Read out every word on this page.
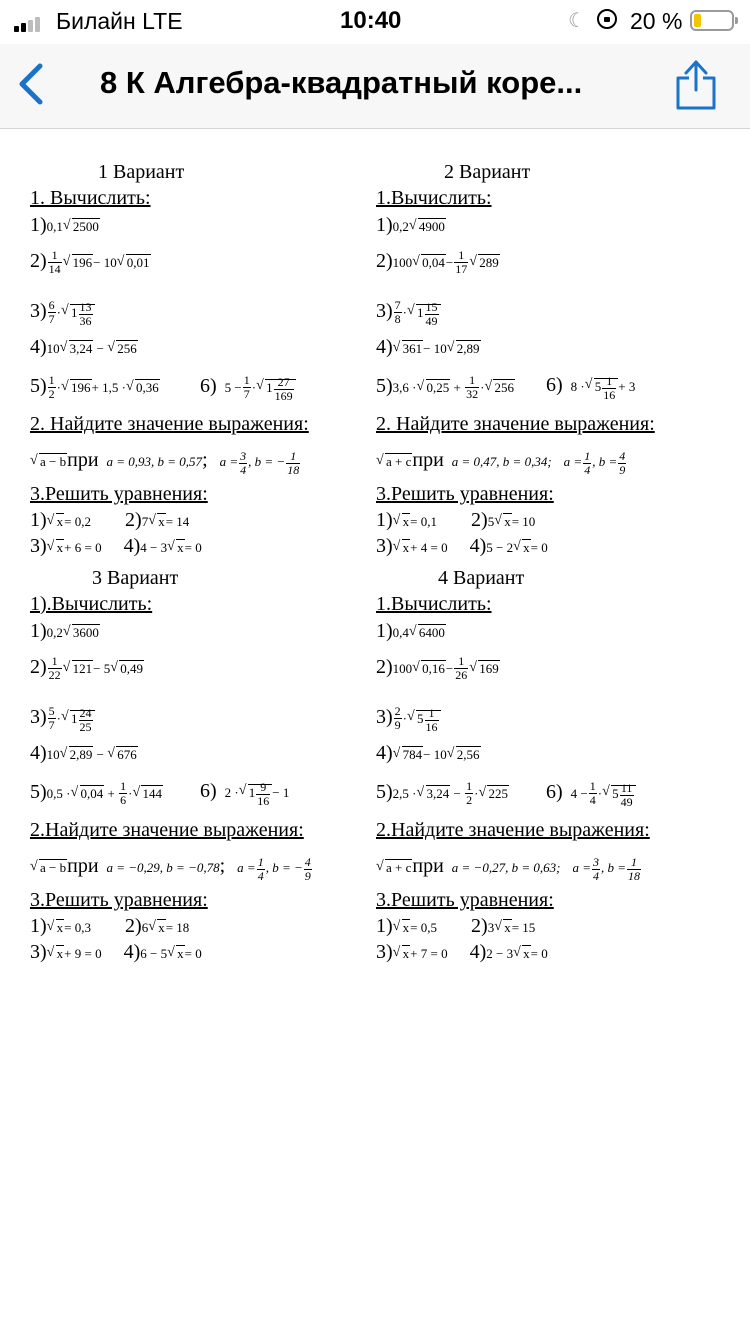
Билайн LTE	10:40	☾ 20 %
8 К Алгебра-квадратный коре...
1 Вариант
1. Вычислить:
1)0,1 √ 2500
$2) \frac{1}{14}$ √ 196− 10 √ 0,01
$3) \frac{6}{7}$ · √ $1 \frac{13}{36}$
4)10 √ 3,24 − √ 256
$5) \frac{1}{2}$ · √ 196+ 1,5 · √ 0,36 6) $5 - \frac{1}{7}$ · √ $1 \frac{27}{169}$
2. Найдите значение выражения:
√ a − bпри a = 0,93, b = 0,57; $a = \frac{3}{4}$ , b = − $\frac{1}{18}$
3.Решить уравнения:
1) √ x= 0,2 2)7 √ x= 14
3) √ x+ 6 = 0 4)4 − 3 √ x= 0
2 Вариант
1.Вычислить:
1)0,2 √ 4900
2)100 √ $0,04- \frac{1}{17}$ √ 289
$3) \frac{7}{8}$ · √ $1 \frac{15}{49}$
4) √ 361− 10 √ 2,89
5)3,6 · √ $0,25 + \frac{1}{32}$ · √ 256 6) 8 · √ $5 \frac{1}{16} + 3$
2. Найдите значение выражения:
√ a + cпри a = 0,47, b = 0,34; $a = \frac{1}{4}$ , $b = \frac{4}{9}$
3.Решить уравнения:
1) √ x= 0,1 2)5 √ x= 10
3) √ x+ 4 = 0 4)5 − 2 √ x= 0
3 Вариант
1).Вычислить:
1)0,2 √ 3600
$2) \frac{1}{22}$ √ 121− 5 √ 0,49
$3) \frac{5}{7}$ · √ $1 \frac{24}{25}$
4)10 √ 2,89 − √ 676
5)0,5 · √ $0,04 + \frac{1}{6}$ · √ 144 6) 2 · √ $1 \frac{9}{16} - 1$
2.Найдите значение выражения:
√ a − bпри a = −0,29, b = −0,78; $a = \frac{1}{4}$ , b = − $\frac{4}{9}$
3.Решить уравнения:
1) √ x= 0,3 2)6 √ x= 18
3) √ x+ 9 = 0 4)6 − 5 √ x= 0
4 Вариант
1.Вычислить:
1)0,4 √ 6400
2)100 √ $0,16- \frac{1}{26}$ √ 169
$3) \frac{2}{9}$ · √ $5 \frac{1}{16}$
4) √ 784− 10 √ 2,56
5)2,5 · √ $3,24 - \frac{1}{2}$ · √ 225 6) $4 - \frac{1}{4}$ · √ $5 \frac{11}{49}$
2.Найдите значение выражения:
√ a + cпри a = −0,27, b = 0,63; $a = \frac{3}{4}$ , $b = \frac{1}{18}$
3.Решить уравнения:
1) √ x= 0,5 2)3 √ x= 15
3) √ x+ 7 = 0 4)2 − 3 √ x= 0
